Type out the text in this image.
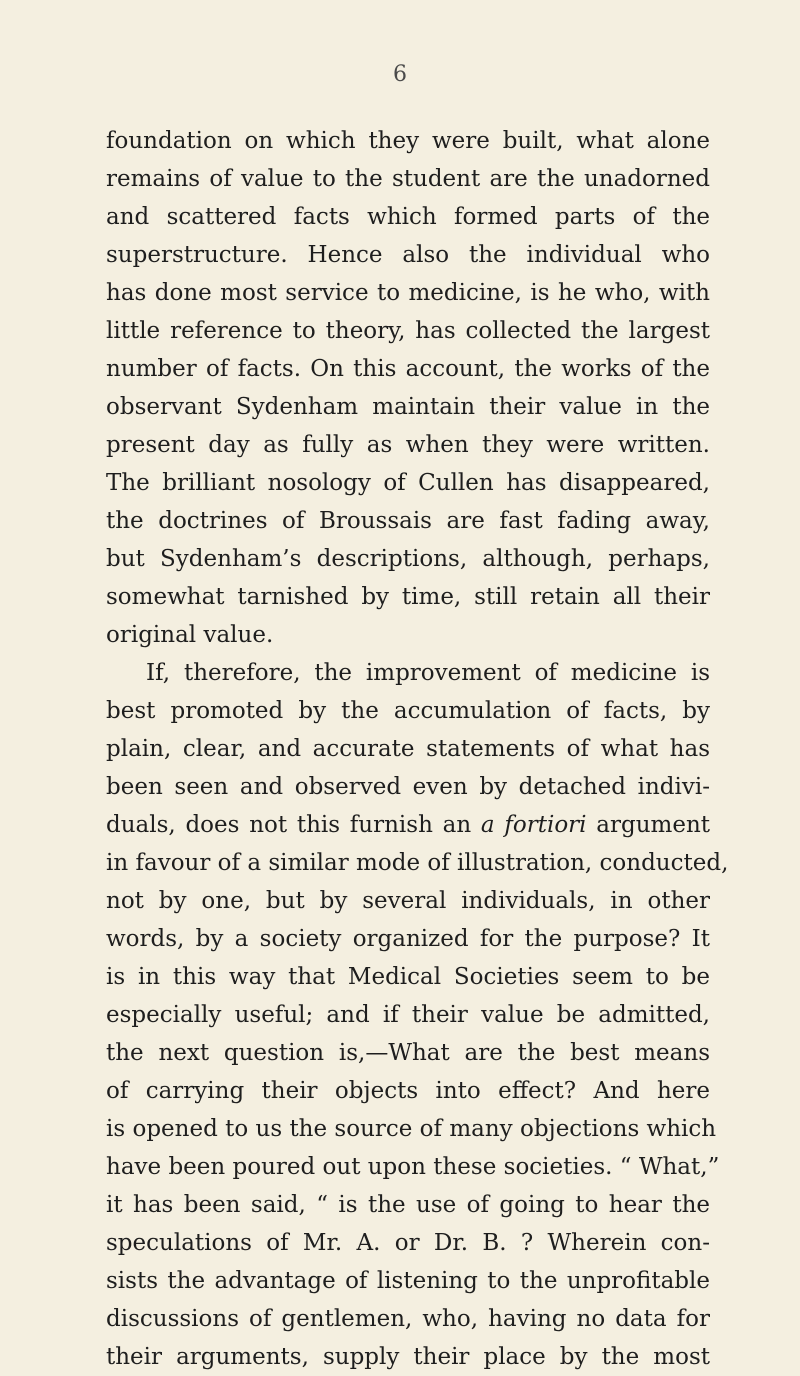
6
foundation on which they were built, what alone
remains of value to the student are the unadorned
and scattered facts which formed parts of the
superstructure. Hence also the individual who
has done most service to medicine, is he who, with
little reference to theory, has collected the largest
number of facts. On this account, the works of the
observant Sydenham maintain their value in the
present day as fully as when they were written.
The brilliant nosology of Cullen has disappeared,
the doctrines of Broussais are fast fading away,
but Sydenham’s descriptions, although, perhaps,
somewhat tarnished by time, still retain all their
original value.
If, therefore, the improvement of medicine is
best promoted by the accumulation of facts, by
plain, clear, and accurate statements of what has
been seen and observed even by detached indivi-
duals, does not this furnish an a fortiori argument
in favour of a similar mode of illustration, conducted,
not by one, but by several individuals, in other
words, by a society organized for the purpose? It
is in this way that Medical Societies seem to be
especially useful; and if their value be admitted,
the next question is,—What are the best means
of carrying their objects into effect? And here
is opened to us the source of many objections which
have been poured out upon these societies. “ What,”
it has been said, “ is the use of going to hear the
speculations of Mr. A. or Dr. B. ? Wherein con-
sists the advantage of listening to the unprofitable
discussions of gentlemen, who, having no data for
their arguments, supply their place by the most
